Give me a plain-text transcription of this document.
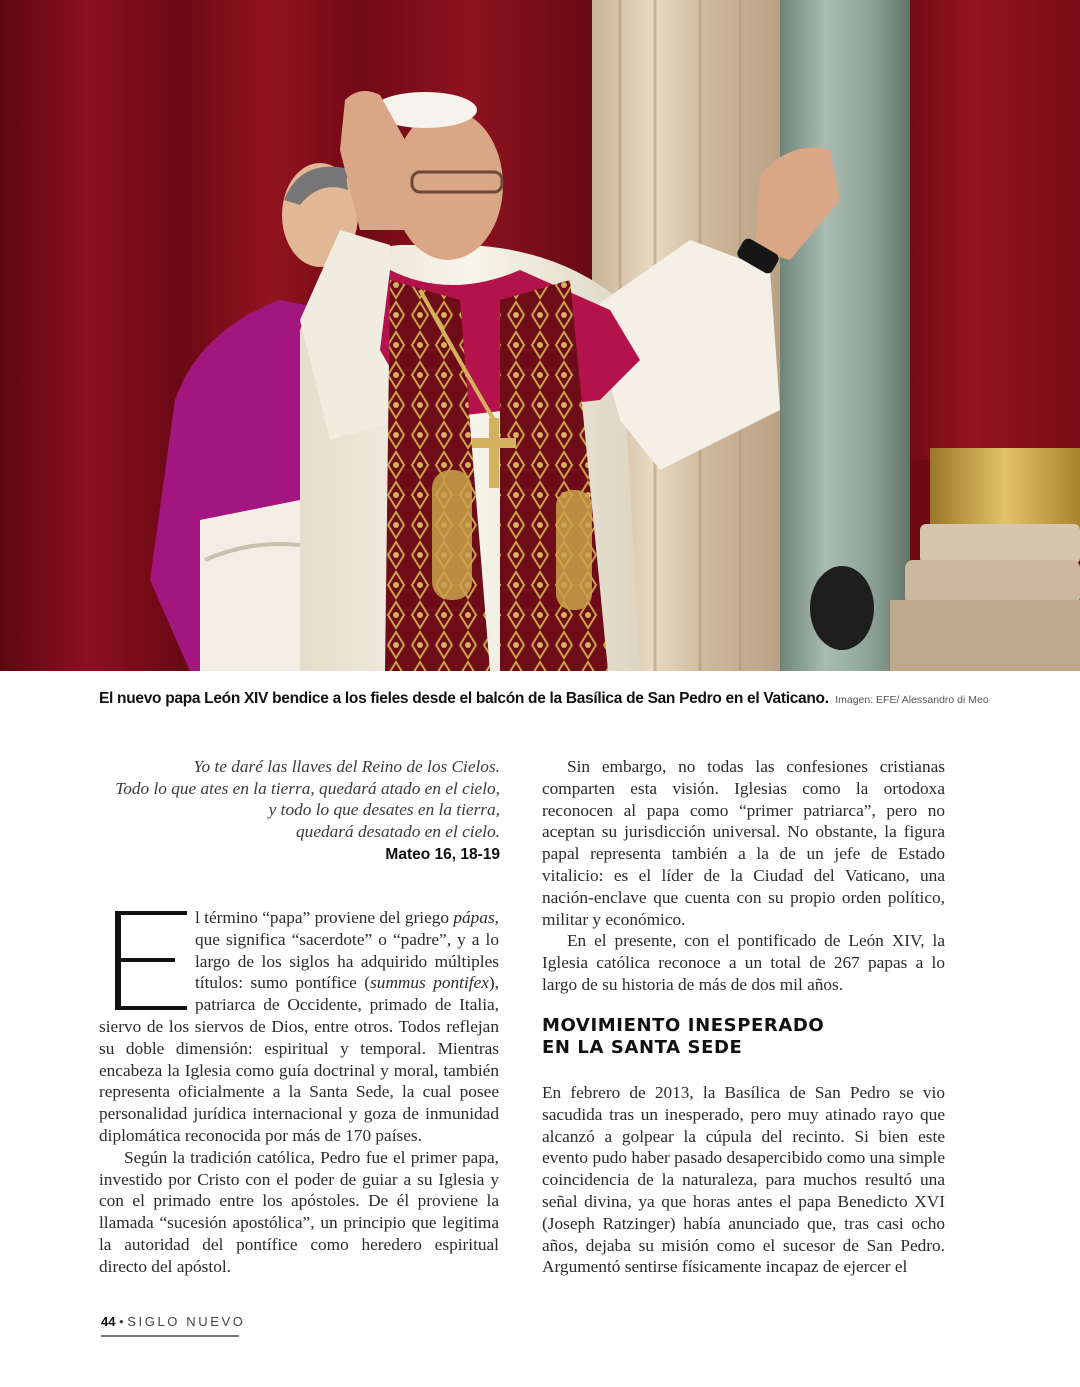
El nuevo papa León XIV bendice a los fieles desde el balcón de la Basílica de San Pedro en el Vaticano. Imagen: EFE/ Alessandro di Meo
Yo te daré las llaves del Reino de los Cielos.
Todo lo que ates en la tierra, quedará atado en el cielo,
y todo lo que desates en la tierra,
quedará desatado en el cielo.
Mateo 16, 18-19

E	l término “papa” proviene del griego pápas, que significa “sacerdote” o “padre”, y a lo largo de los siglos ha adquirido múltiples títulos: sumo pontífice (summus pontifex), patriarca de Occidente, primado de Italia, siervo de los siervos de Dios, entre otros. Todos reflejan su doble dimensión: espiritual y temporal. Mientras encabeza la Iglesia como guía doctrinal y moral, también representa oficialmente a la Santa Sede, la cual posee personalidad jurídica internacional y goza de inmunidad diplomática reconocida por más de 170 países.

Según la tradición católica, Pedro fue el primer papa, investido por Cristo con el poder de guiar a su Iglesia y con el primado entre los apóstoles. De él proviene la llamada “sucesión apostólica”, un principio que legitima la autoridad del pontífice como heredero espiritual directo del apóstol.

Sin embargo, no todas las confesiones cristianas comparten esta visión. Iglesias como la ortodoxa reconocen al papa como “primer patriarca”, pero no aceptan su jurisdicción universal. No obstante, la figura papal representa también a la de un jefe de Estado vitalicio: es el líder de la Ciudad del Vaticano, una nación-enclave que cuenta con su propio orden político, militar y económico.

En el presente, con el pontificado de León XIV, la Iglesia católica reconoce a un total de 267 papas a lo largo de su historia de más de dos mil años.

MOVIMIENTO INESPERADO
EN LA SANTA SEDE

En febrero de 2013, la Basílica de San Pedro se vio sacudida tras un inesperado, pero muy atinado rayo que alcanzó a golpear la cúpula del recinto. Si bien este evento pudo haber pasado desapercibido como una simple coincidencia de la naturaleza, para muchos resultó una señal divina, ya que horas antes el papa Benedicto XVI (Joseph Ratzinger) había anunciado que, tras casi ocho años, dejaba su misión como el sucesor de San Pedro. Argumentó sentirse físicamente incapaz de ejercer el

44 • SIGLO NUEVO
